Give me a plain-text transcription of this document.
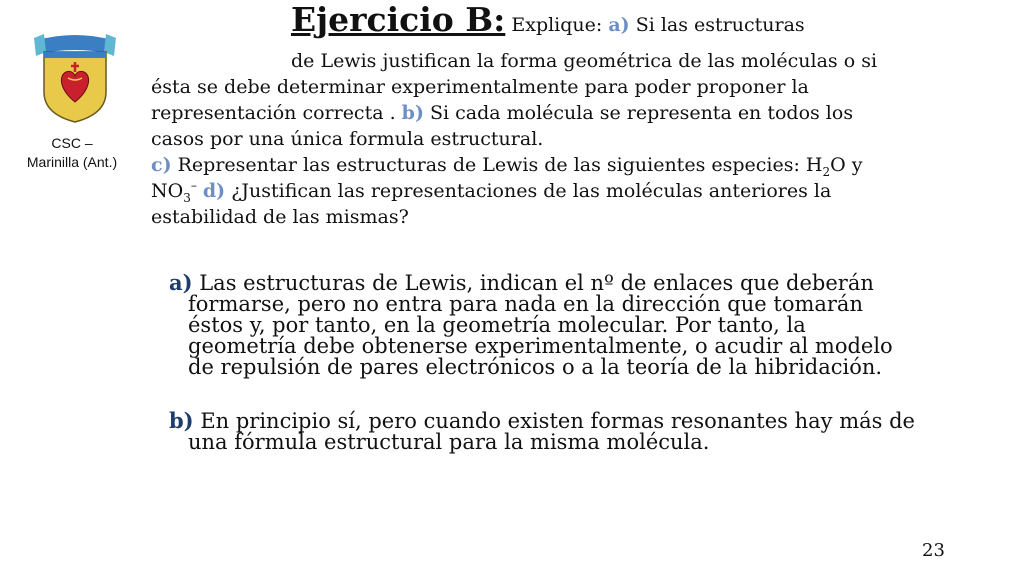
CSC –
Marinilla (Ant.)
Ejercicio B: Explique: a) Si las estructuras
de Lewis justifican la forma geométrica de las moléculas o si ésta se debe determinar experimentalmente para poder proponer la representación correcta . b) Si cada molécula se representa en todos los casos por una única formula estructural.
c) Representar las estructuras de Lewis de las siguientes especies: $H_2O$ y $NO_3^-$ d) ¿Justifican las representaciones de las moléculas anteriores la estabilidad de las mismas?
a) Las estructuras de Lewis, indican el nº de enlaces que deberán formarse, pero no entra para nada en la dirección que tomarán éstos y, por tanto, en la geometría molecular. Por tanto, la geometría debe obtenerse experimentalmente, o acudir al modelo de repulsión de pares electrónicos o a la teoría de la hibridación.
b) En principio sí, pero cuando existen formas resonantes hay más de una fórmula estructural para la misma molécula.
23
